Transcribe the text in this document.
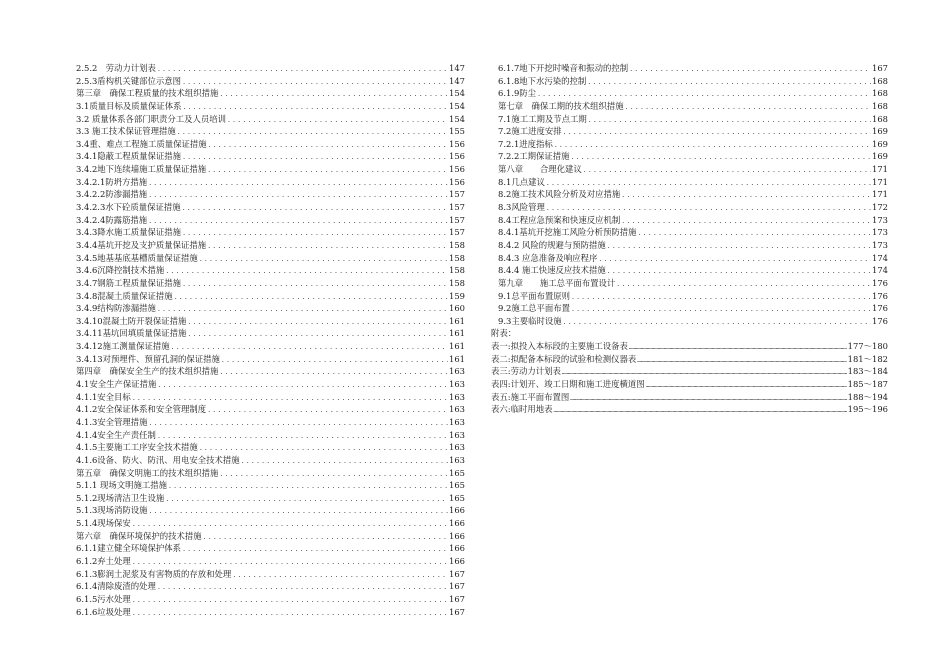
2.5.2　劳动力计划表 .....	147
2.5.3盾构机关键部位示意图 .....	147
第三章　确保工程质量的技术组织措施 .....	154
3.1质量目标及质量保证体系 .....	154
3.2 质量体系各部门职责分工及人员培训 .....	154
3.3 施工技术保证管理措施 .....	155
3.4重、难点工程施工质量保证措施 .....	156
3.4.1隐蔽工程质量保证措施 .....	156
3.4.2地下连续墙施工质量保证措施 .....	156
3.4.2.1防坍方措施 .....	156
3.4.2.2防渗漏措施 .....	157
3.4.2.3水下砼质量保证措施 .....	157
3.4.2.4防露筋措施 .....	157
3.4.3降水施工质量保证措施 .....	157
3.4.4基坑开挖及支护质量保证措施 .....	158
3.4.5地基基底基槽质量保证措施 .....	158
3.4.6沉降控制技术措施 .....	158
3.4.7钢筋工程质量保证措施 .....	158
3.4.8混凝土质量保证措施 .....	159
3.4.9结构防渗漏措施 .....	160
3.4.10混凝土防开裂保证措施 .....	161
3.4.11基坑回填质量保证措施 .....	161
3.4.12施工测量保证措施 .....	161
3.4.13对预埋件、预留孔洞的保证措施 .....	161
第四章　确保安全生产的技术组织措施 .....	163
4.1安全生产保证措施 .....	163
4.1.1安全目标 .....	163
4.1.2安全保证体系和安全管理制度 .....	163
4.1.3安全管理措施 .....	163
4.1.4安全生产责任制 .....	163
4.1.5主要施工工序安全技术措施 .....	163
4.1.6设备、防火、防汛、用电安全技术措施 .....	163
第五章　确保文明施工的技术组织措施 .....	165
5.1.1 现场文明施工措施 .....	165
5.1.2现场清洁卫生设施 .....	165
5.1.3现场消防设施 .....	166
5.1.4现场保安 .....	166
第六章　确保环境保护的技术措施 .....	166
6.1.1建立健全环境保护体系 .....	166
6.1.2弃土处理 .....	166
6.1.3膨润土泥浆及有害物质的存放和处理 .....	167
6.1.4清除废渣的处理 .....	167
6.1.5污水处理 .....	167
6.1.6垃圾处理 .....	167
6.1.7地下开挖时噪音和振动的控制 .....	167
6.1.8地下水污染的控制 .....	168
6.1.9防尘 .....	168
第七章　确保工期的技术组织措施 .....	168
7.1施工工期及节点工期 .....	168
7.2施工进度安排 .....	169
7.2.1进度指标 .....	169
7.2.2工期保证措施 .....	169
第八章　　合理化建议 .....	171
8.1几点建议 .....	171
8.2施工技术风险分析及对应措施 .....	171
8.3风险管理 .....	172
8.4工程应急预案和快速反应机制 .....	173
8.4.1基坑开挖施工风险分析预防措施 .....	173
8.4.2 风险的规避与预防措施 .....	173
8.4.3 应急准备及响应程序 .....	174
8.4.4 施工快速反应技术措施 .....	174
第九章　　施工总平面布置设计 .....	176
9.1总平面布置原则 .....	176
9.2施工总平面布置 .....	176
9.3主要临时设施 .....	176
附表：
表一:拟投入本标段的主要施工设备表 …………………………………………………………………………………………………………………………………………………………………………………………………………………………	177～180
表二:拟配备本标段的试验和检测仪器表 …………………………………………………………………………………………………………………………………………………………………………………………………………………………	181～182
表三:劳动力计划表 …………………………………………………………………………………………………………………………………………………………………………………………………………………………	183～184
表四:计划开、竣工日期和施工进度横道图 …………………………………………………………………………………………………………………………………………………………………………………………………………………………	185～187
表五:施工平面布置图 …………………………………………………………………………………………………………………………………………………………………………………………………………………………	188～194
表六:临时用地表 …………………………………………………………………………………………………………………………………………………………………………………………………………………………	195～196
